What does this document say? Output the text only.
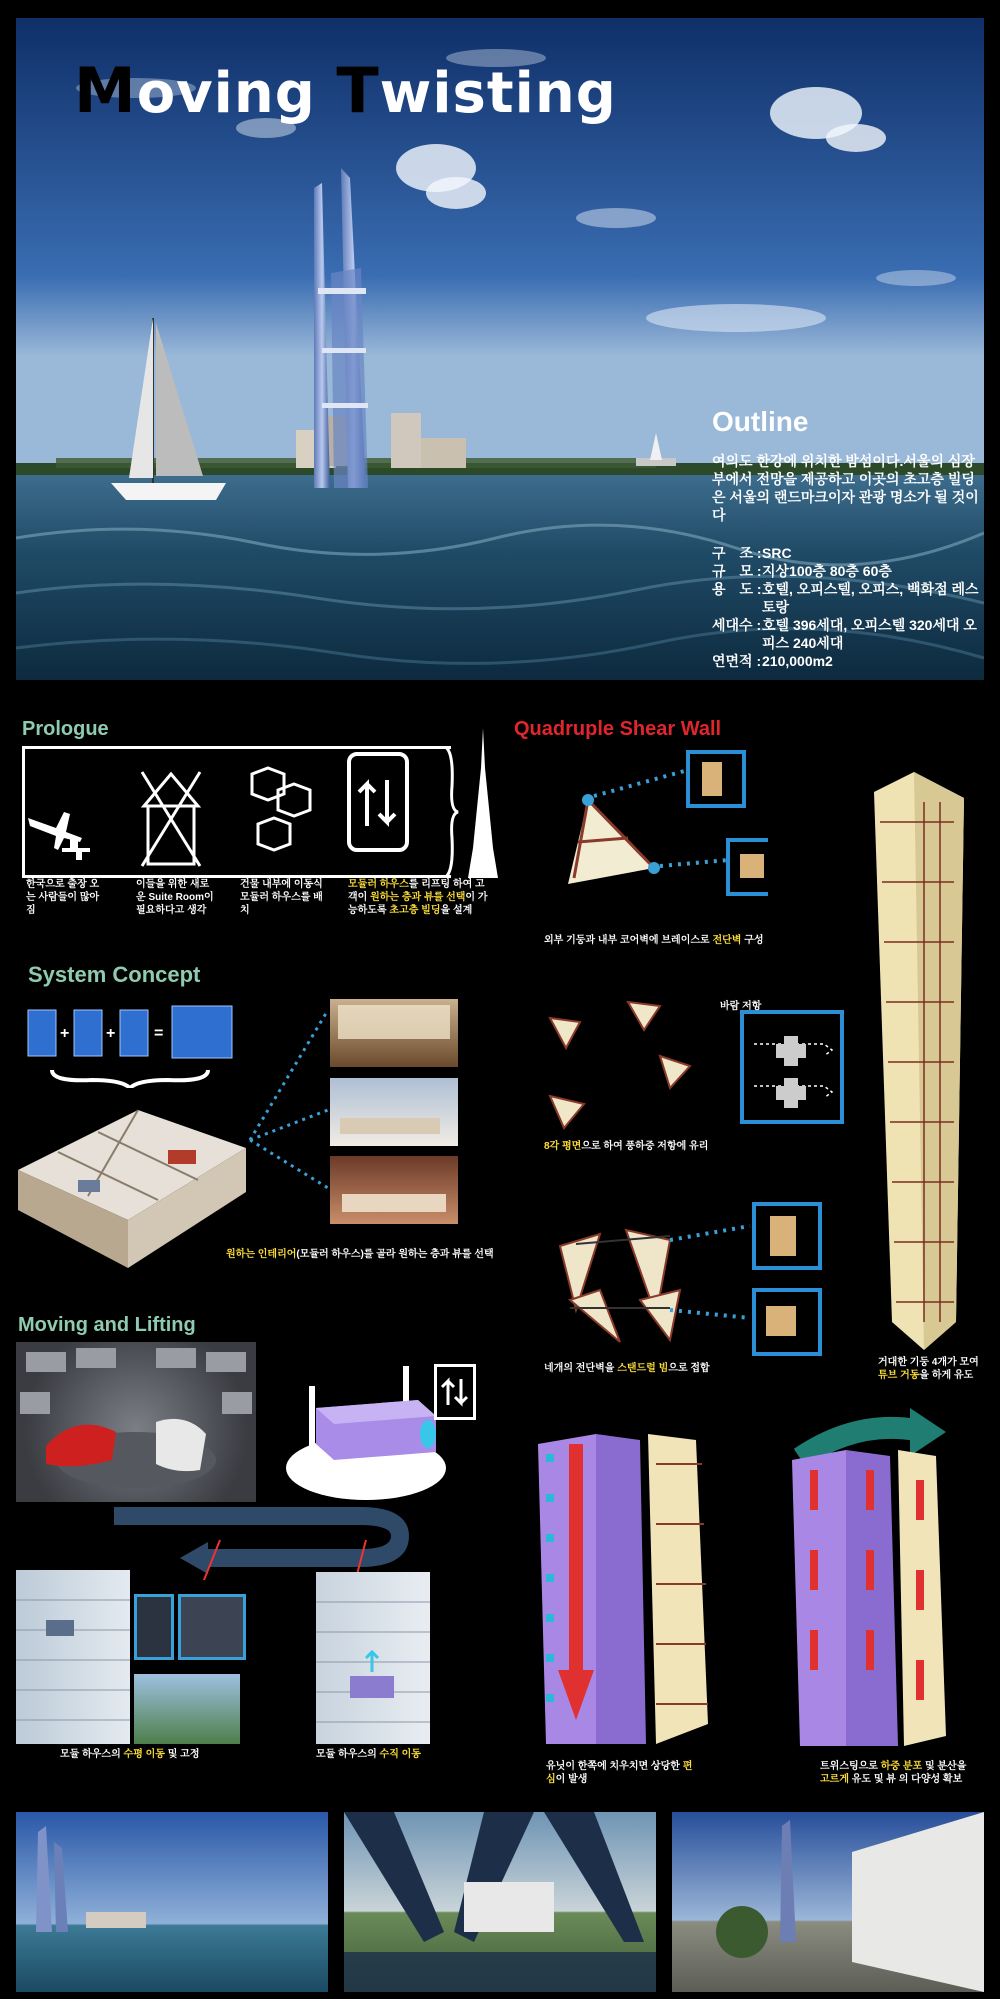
Moving Twisting
Outline
여의도 한강에 위치한 밤섬이다.서울의 심장부에서 전망을 제공하고 이곳의 초고층 빌딩은 서울의 랜드마크이자 관광 명소가 될 것이다
구　조 : SRC
규　모 : 지상100층 80층 60층
용　도 : 호텔, 오피스텔, 오피스, 백화점 레스토랑
세대수 : 호텔 396세대, 오피스텔 320세대 오피스 240세대
연면적 : 210,000m2
Prologue
한국으로 출장 오는 사람들이 많아짐
이들을 위한 새로운 Suite Room이 필요하다고 생각
건물 내부에 이동식 모듈러 하우스를 배치
모듈러 하우스를 리프팅 하여 고객이 원하는 층과 뷰를 선택이 가능하도록 초고층 빌딩을 설계
System Concept
+ + =
원하는 인테리어(모듈러 하우스)를 골라 원하는 층과 뷰를 선택
Moving and Lifting
모듈 하우스의 수평 이동 및 고정	모듈 하우스의 수직 이동
Quadruple Shear Wall
외부 기둥과 내부 코어벽에 브레이스로 전단벽 구성
바람 저항
8각 평면으로 하여 풍하중 저항에 유리
네개의 전단벽을 스탠드럴 빔으로 접합
거대한 기둥 4개가 모여 튜브 거동을 하게 유도
유닛이 한쪽에 치우치면 상당한 편심이 발생
트위스팅으로 하중 분포 및 분산을 고르게 유도 및 뷰 의 다양성 확보
